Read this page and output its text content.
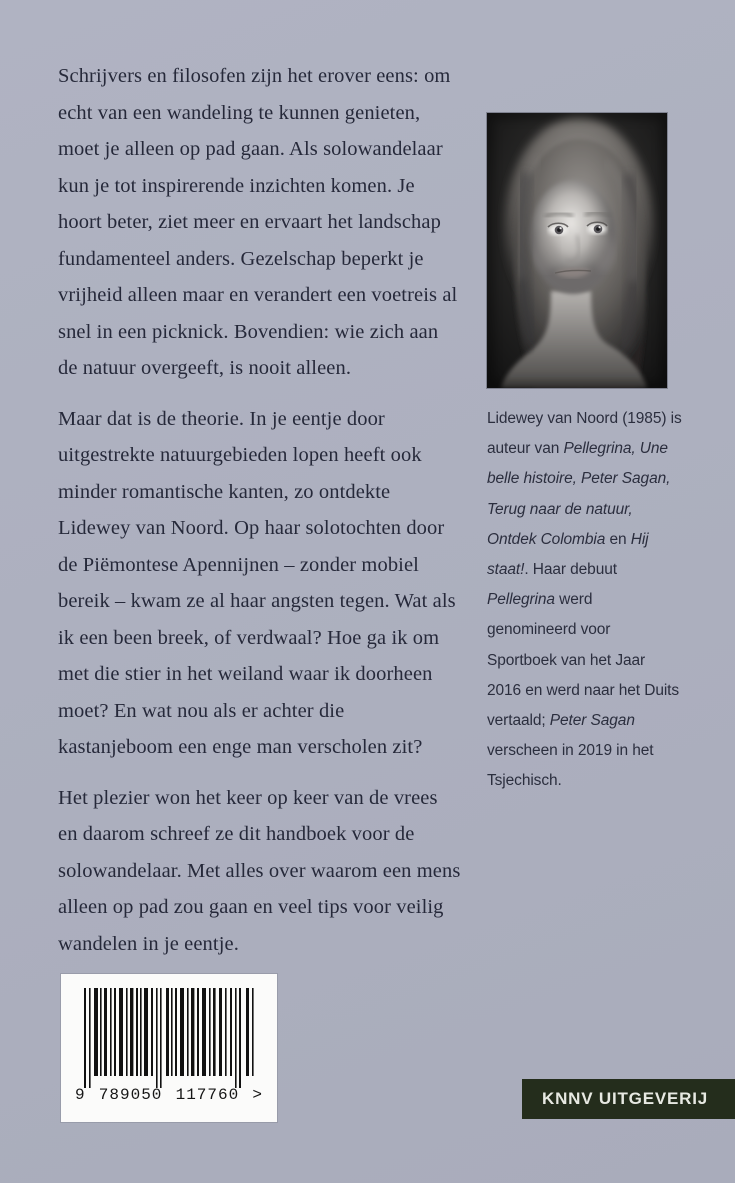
Schrijvers en filosofen zijn het erover eens: om echt van een wandeling te kunnen genieten, moet je alleen op pad gaan. Als solowandelaar kun je tot inspirerende inzichten komen. Je hoort beter, ziet meer en ervaart het landschap fundamenteel anders. Gezelschap beperkt je vrijheid alleen maar en verandert een voetreis al snel in een picknick. Bovendien: wie zich aan de natuur overgeeft, is nooit alleen.

Maar dat is de theorie. In je eentje door uitgestrekte natuurgebieden lopen heeft ook minder romantische kanten, zo ontdekte Lidewey van Noord. Op haar solotochten door de Piëmontese Apennijnen – zonder mobiel bereik – kwam ze al haar angsten tegen. Wat als ik een been breek, of verdwaal? Hoe ga ik om met die stier in het weiland waar ik doorheen moet? En wat nou als er achter die kastanjeboom een enge man verscholen zit?

Het plezier won het keer op keer van de vrees en daarom schreef ze dit handboek voor de solowandelaar. Met alles over waarom een mens alleen op pad zou gaan en veel tips voor veilig wandelen in je eentje.

Lidewey van Noord (1985) is auteur van Pellegrina, Une belle histoire, Peter Sagan, Terug naar de natuur, Ontdek Colombia en Hij staat!. Haar debuut Pellegrina werd genomineerd voor Sportboek van het Jaar 2016 en werd naar het Duits vertaald; Peter Sagan verscheen in 2019 in het Tsjechisch.
9 789050 117760 >	KNNV UITGEVERIJ
